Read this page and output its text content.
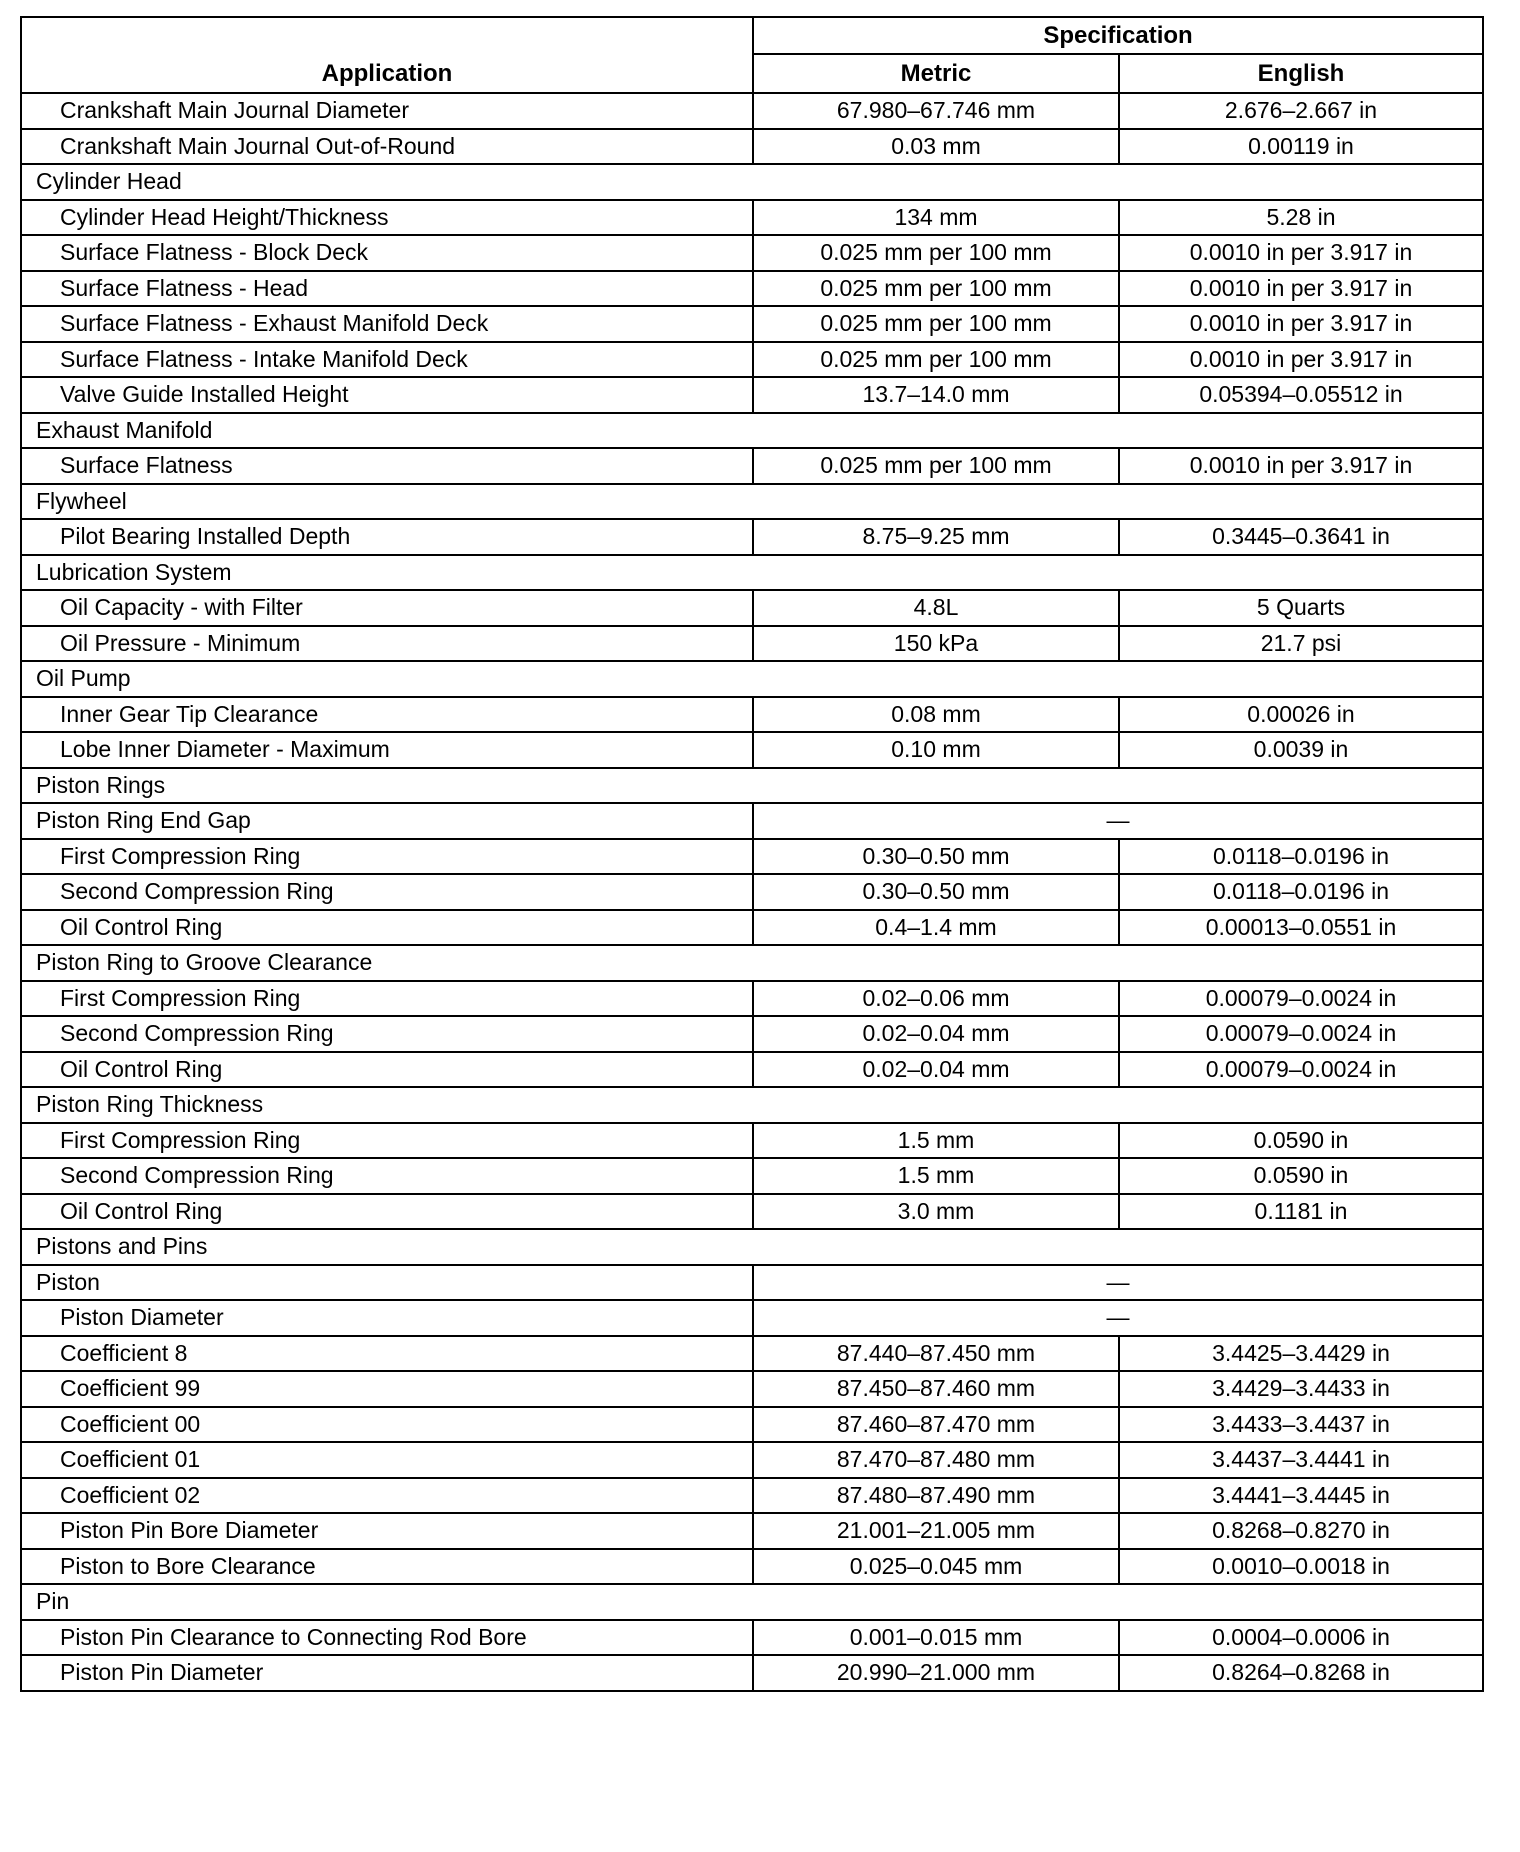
Application	Specification	
	Metric	English
Crankshaft Main Journal Diameter	67.980–67.746 mm	2.676–2.667 in
Crankshaft Main Journal Out-of-Round	0.03 mm	0.00119 in
Cylinder Head		
Cylinder Head Height/Thickness	134 mm	5.28 in
Surface Flatness - Block Deck	0.025 mm per 100 mm	0.0010 in per 3.917 in
Surface Flatness - Head	0.025 mm per 100 mm	0.0010 in per 3.917 in
Surface Flatness - Exhaust Manifold Deck	0.025 mm per 100 mm	0.0010 in per 3.917 in
Surface Flatness - Intake Manifold Deck	0.025 mm per 100 mm	0.0010 in per 3.917 in
Valve Guide Installed Height	13.7–14.0 mm	0.05394–0.05512 in
Exhaust Manifold		
Surface Flatness	0.025 mm per 100 mm	0.0010 in per 3.917 in
Flywheel		
Pilot Bearing Installed Depth	8.75–9.25 mm	0.3445–0.3641 in
Lubrication System		
Oil Capacity - with Filter	4.8L	5 Quarts
Oil Pressure - Minimum	150 kPa	21.7 psi
Oil Pump		
Inner Gear Tip Clearance	0.08 mm	0.00026 in
Lobe Inner Diameter - Maximum	0.10 mm	0.0039 in
Piston Rings		
Piston Ring End Gap	—	
First Compression Ring	0.30–0.50 mm	0.0118–0.0196 in
Second Compression Ring	0.30–0.50 mm	0.0118–0.0196 in
Oil Control Ring	0.4–1.4 mm	0.00013–0.0551 in
Piston Ring to Groove Clearance		
First Compression Ring	0.02–0.06 mm	0.00079–0.0024 in
Second Compression Ring	0.02–0.04 mm	0.00079–0.0024 in
Oil Control Ring	0.02–0.04 mm	0.00079–0.0024 in
Piston Ring Thickness		
First Compression Ring	1.5 mm	0.0590 in
Second Compression Ring	1.5 mm	0.0590 in
Oil Control Ring	3.0 mm	0.1181 in
Pistons and Pins		
Piston	—	
Piston Diameter	—	
Coefficient 8	87.440–87.450 mm	3.4425–3.4429 in
Coefficient 99	87.450–87.460 mm	3.4429–3.4433 in
Coefficient 00	87.460–87.470 mm	3.4433–3.4437 in
Coefficient 01	87.470–87.480 mm	3.4437–3.4441 in
Coefficient 02	87.480–87.490 mm	3.4441–3.4445 in
Piston Pin Bore Diameter	21.001–21.005 mm	0.8268–0.8270 in
Piston to Bore Clearance	0.025–0.045 mm	0.0010–0.0018 in
Pin		
Piston Pin Clearance to Connecting Rod Bore	0.001–0.015 mm	0.0004–0.0006 in
Piston Pin Diameter	20.990–21.000 mm	0.8264–0.8268 in
